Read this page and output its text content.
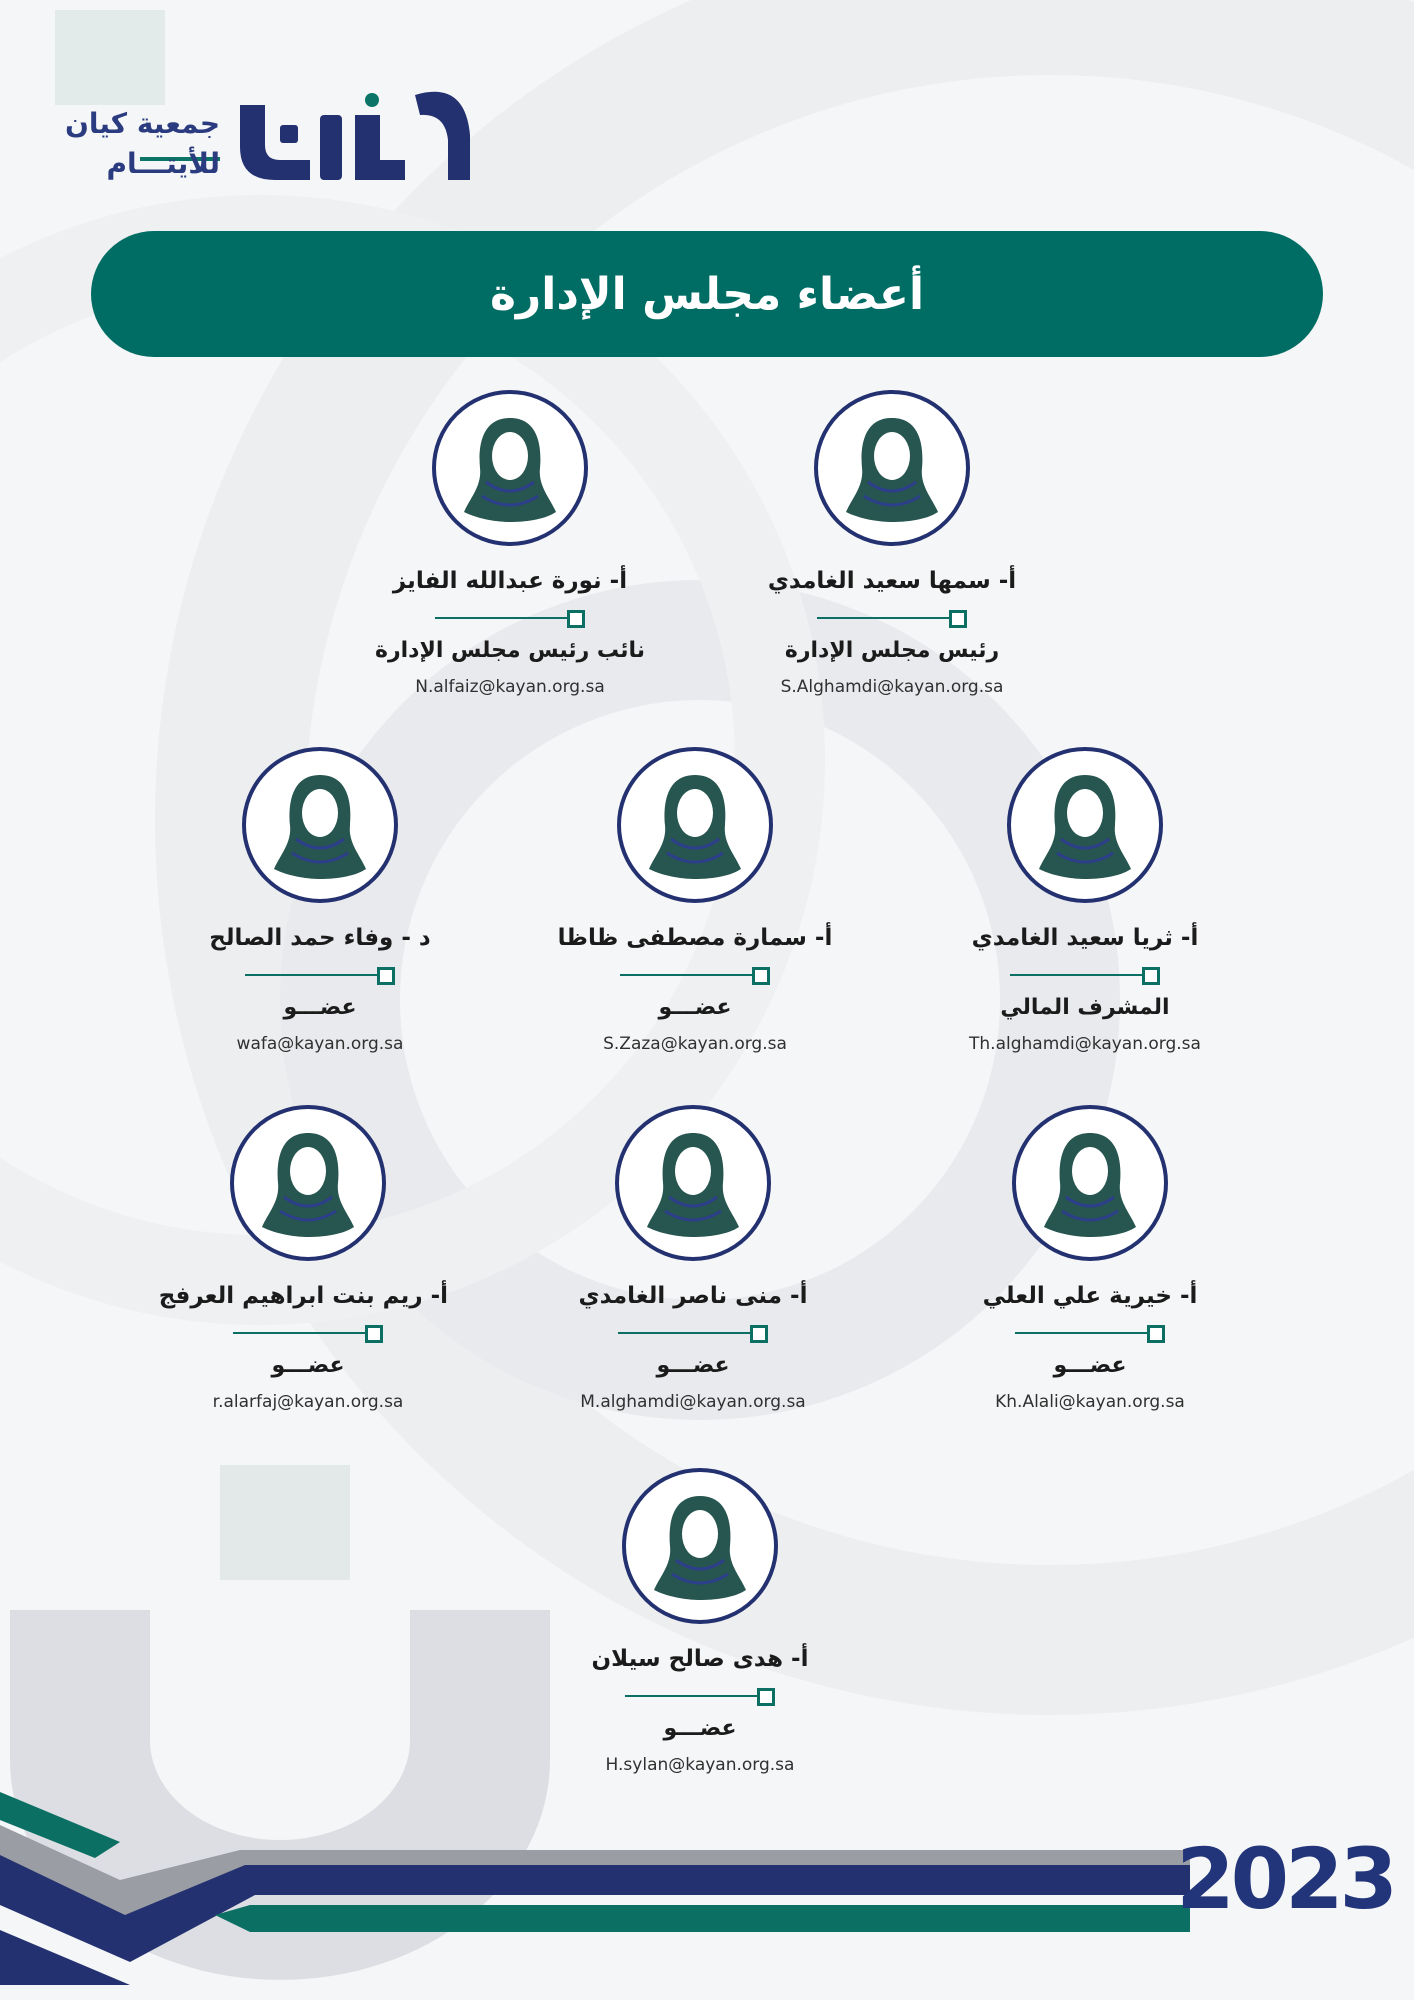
جمعية كيان
للأيتـــام
أعضاء مجلس الإدارة
أ- سمها سعيد الغامدي
رئيس مجلس الإدارة
S.Alghamdi@kayan.org.sa
أ- نورة عبدالله الفايز
نائب رئيس مجلس الإدارة
N.alfaiz@kayan.org.sa
أ- ثريا سعيد الغامدي
المشرف المالي
Th.alghamdi@kayan.org.sa
أ- سمارة مصطفى ظاظا
عضـــو
S.Zaza@kayan.org.sa
د - وفاء حمد الصالح
عضـــو
wafa@kayan.org.sa
أ- خيرية علي العلي
عضـــو
Kh.Alali@kayan.org.sa
أ- منى ناصر الغامدي
عضـــو
M.alghamdi@kayan.org.sa
أ- ريم بنت ابراهيم العرفج
عضـــو
r.alarfaj@kayan.org.sa
أ- هدى صالح سيلان
عضـــو
H.sylan@kayan.org.sa
2023
